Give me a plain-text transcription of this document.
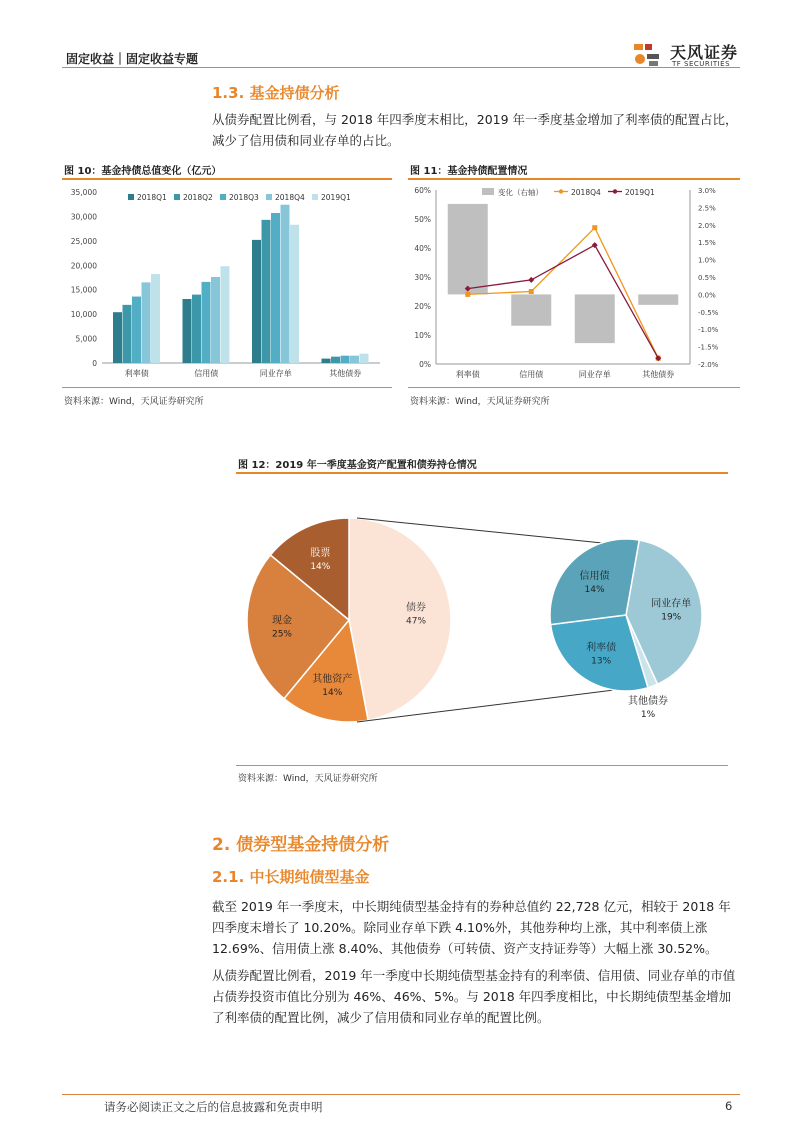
固定收益｜固定收益专题	天风证券
TF SECURITIES
1.3. 基金持债分析
从债券配置比例看，与 2018 年四季度末相比，2019 年一季度基金增加了利率债的配置占比，减少了信用债和同业存单的占比。
图 10：基金持债总值变化（亿元）
0
5,000
10,000
15,000
20,000
25,000
30,000
35,000
利率债	信用债	同业存单	其他债券
2018Q1 2018Q2 2018Q3 2018Q4 2019Q1
资料来源：Wind，天风证券研究所
图 11：基金持债配置情况
0%
10%
20%
30%
40%
50%
60%	3.0%
2.5%
2.0%
1.5%
1.0%
0.5%
0.0%
-0.5%
-1.0%
-1.5%
-2.0%
利率债	信用债	同业存单	其他债券
变化（右轴）	2018Q4	2019Q1
资料来源：Wind，天风证券研究所
图 12：2019 年一季度基金资产配置和债券持仓情况
债券
47%
其他资产
14%
现金
25%
股票
14%
同业存单
19%
其他债券
1%
利率债
13%
信用债
14%
资料来源：Wind，天风证券研究所
2. 债券型基金持债分析
2.1. 中长期纯债型基金
截至 2019 年一季度末，中长期纯债型基金持有的券种总值约 22,728 亿元，相较于 2018 年四季度末增长了 10.20%。除同业存单下跌 4.10%外，其他券种均上涨，其中利率债上涨 12.69%、信用债上涨 8.40%、其他债券（可转债、资产支持证券等）大幅上涨 30.52%。
从债券配置比例看，2019 年一季度中长期纯债型基金持有的利率债、信用债、同业存单的市值占债券投资市值比分别为 46%、46%、5%。与 2018 年四季度相比，中长期纯债型基金增加了利率债的配置比例，减少了信用债和同业存单的配置比例。
请务必阅读正文之后的信息披露和免责申明	6
